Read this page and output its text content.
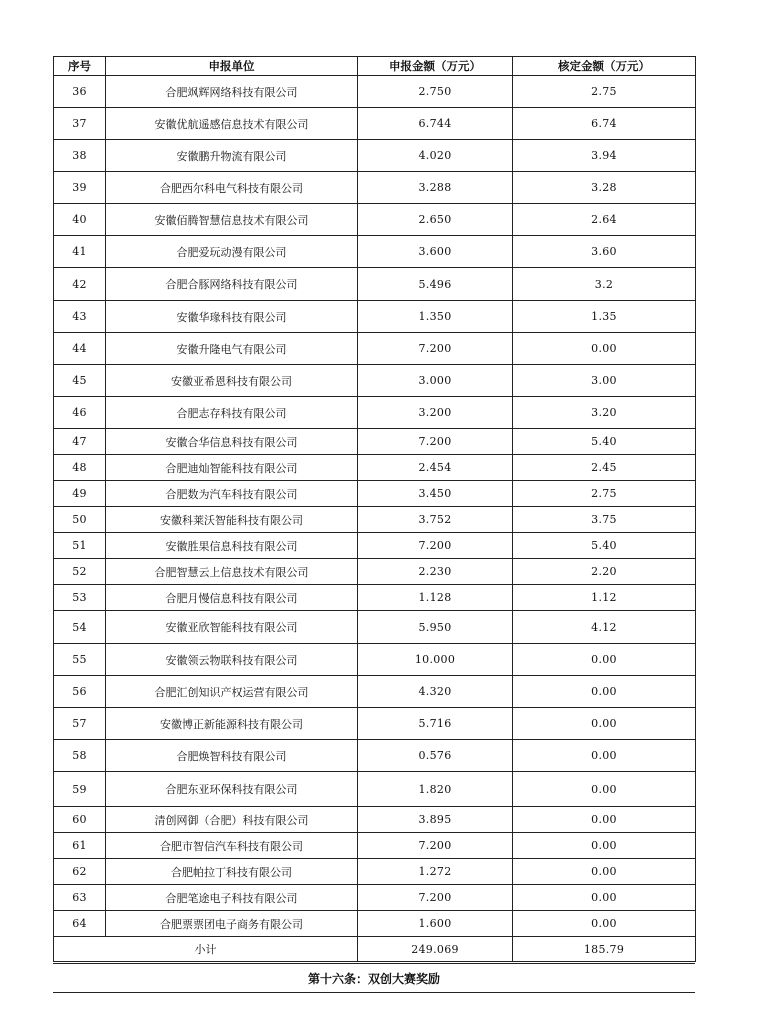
序号	申报单位	申报金额（万元）	核定金额（万元）
36	合肥飒辉网络科技有限公司	2.750	2.75
37	安徽优航遥感信息技术有限公司	6.744	6.74
38	安徽鹏升物流有限公司	4.020	3.94
39	合肥西尔科电气科技有限公司	3.288	3.28
40	安徽佰腾智慧信息技术有限公司	2.650	2.64
41	合肥爱玩动漫有限公司	3.600	3.60
42	合肥合豚网络科技有限公司	5.496	3.2
43	安徽华瑑科技有限公司	1.350	1.35
44	安徽升隆电气有限公司	7.200	0.00
45	安徽亚希恩科技有限公司	3.000	3.00
46	合肥志存科技有限公司	3.200	3.20
47	安徽合华信息科技有限公司	7.200	5.40
48	合肥迪灿智能科技有限公司	2.454	2.45
49	合肥数为汽车科技有限公司	3.450	2.75
50	安徽科莱沃智能科技有限公司	3.752	3.75
51	安徽胜果信息科技有限公司	7.200	5.40
52	合肥智慧云上信息技术有限公司	2.230	2.20
53	合肥月慢信息科技有限公司	1.128	1.12
54	安徽亚欣智能科技有限公司	5.950	4.12
55	安徽领云物联科技有限公司	10.000	0.00
56	合肥汇创知识产权运营有限公司	4.320	0.00
57	安徽博正新能源科技有限公司	5.716	0.00
58	合肥焕智科技有限公司	0.576	0.00
59	合肥东亚环保科技有限公司	1.820	0.00
60	清创网御（合肥）科技有限公司	3.895	0.00
61	合肥市智信汽车科技有限公司	7.200	0.00
62	合肥帕拉丁科技有限公司	1.272	0.00
63	合肥笔途电子科技有限公司	7.200	0.00
64	合肥票票团电子商务有限公司	1.600	0.00
小计		249.069	185.79
第十六条：双创大赛奖励
